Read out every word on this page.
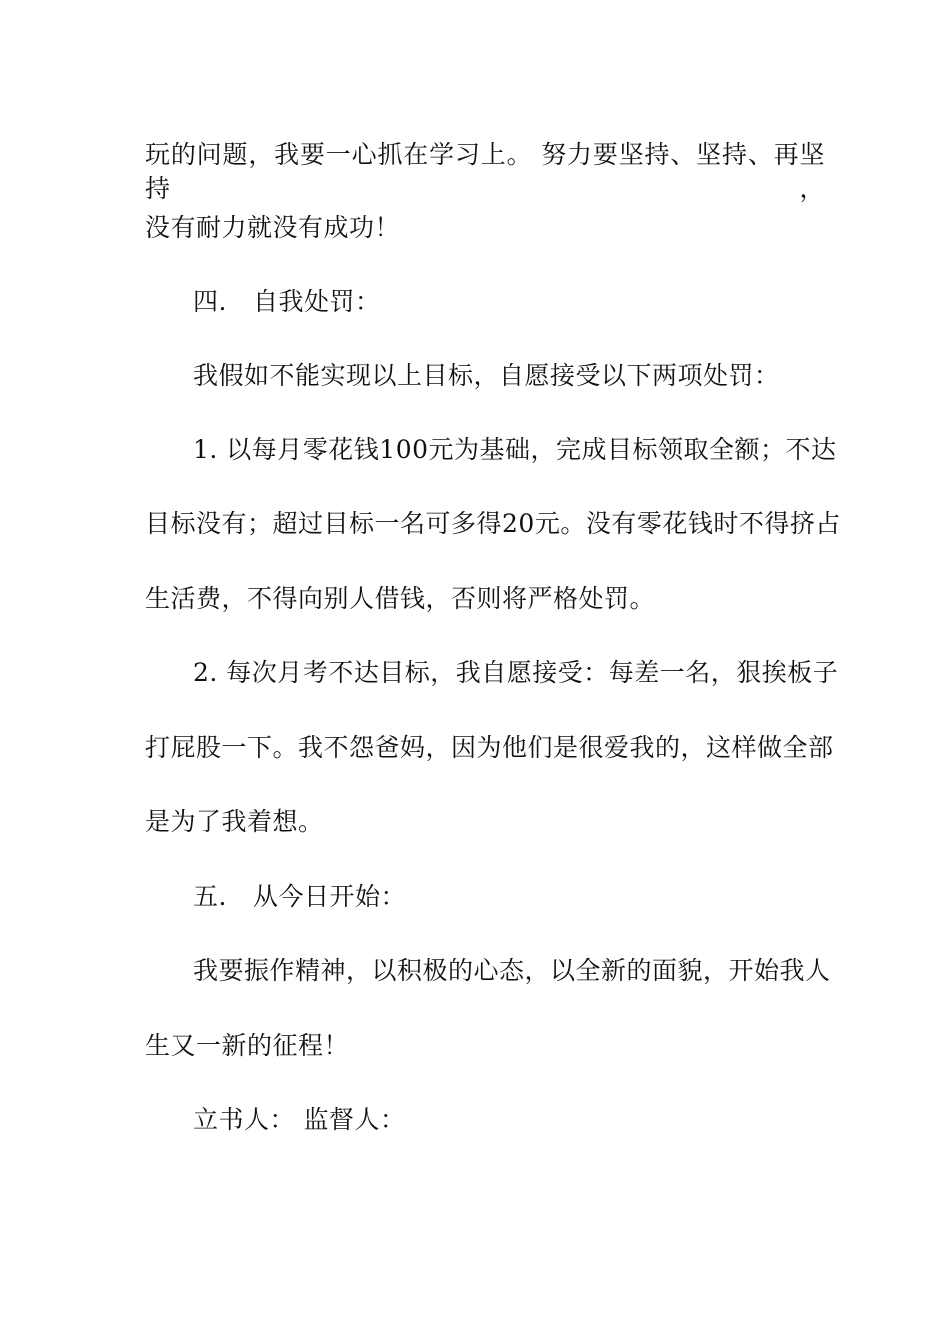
玩的问题，我要一心抓在学习上。 努力要坚持、坚持、再坚持，
没有耐力就没有成功！
四. 自我处罚：
我假如不能实现以上目标，自愿接受以下两项处罚：
1. 以每月零花钱100元为基础，完成目标领取全额；不达
目标没有；超过目标一名可多得20元。没有零花钱时不得挤占
生活费，不得向别人借钱，否则将严格处罚。
2. 每次月考不达目标，我自愿接受：每差一名，狠挨板子
打屁股一下。我不怨爸妈，因为他们是很爱我的，这样做全部
是为了我着想。
五. 从今日开始：
我要振作精神，以积极的心态，以全新的面貌，开始我人
生又一新的征程！
立书人： 监督人：
